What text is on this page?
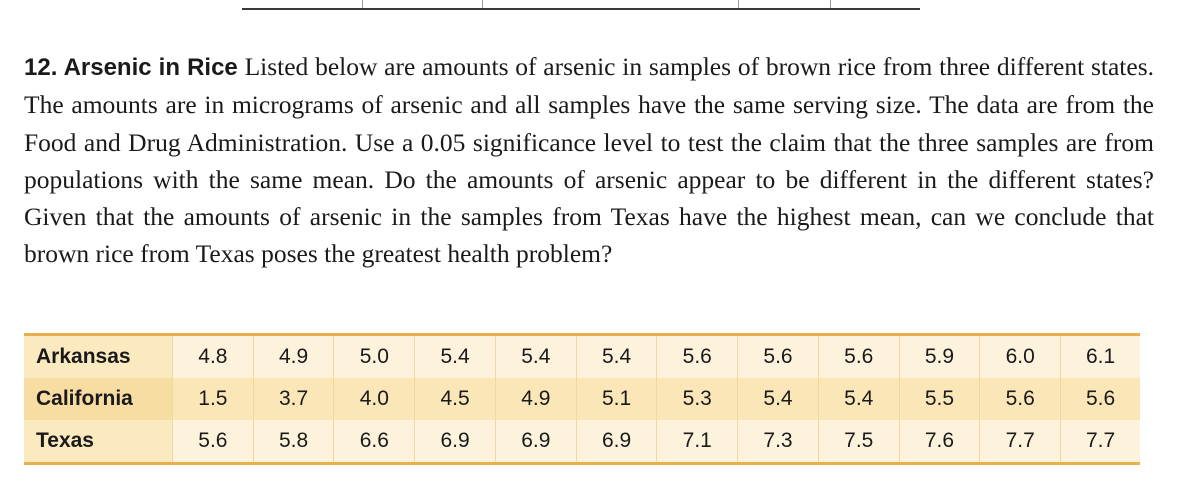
12. Arsenic in Rice Listed below are amounts of arsenic in samples of brown rice from three different states. The amounts are in micrograms of arsenic and all samples have the same serving size. The data are from the Food and Drug Administration. Use a 0.05 significance level to test the claim that the three samples are from populations with the same mean. Do the amounts of arsenic appear to be different in the different states? Given that the amounts of arsenic in the samples from Texas have the highest mean, can we conclude that brown rice from Texas poses the greatest health problem?

Arkansas	4.8	4.9	5.0	5.4	5.4	5.4	5.6	5.6	5.6	5.9	6.0	6.1
California	1.5	3.7	4.0	4.5	4.9	5.1	5.3	5.4	5.4	5.5	5.6	5.6
Texas	5.6	5.8	6.6	6.9	6.9	6.9	7.1	7.3	7.5	7.6	7.7	7.7
